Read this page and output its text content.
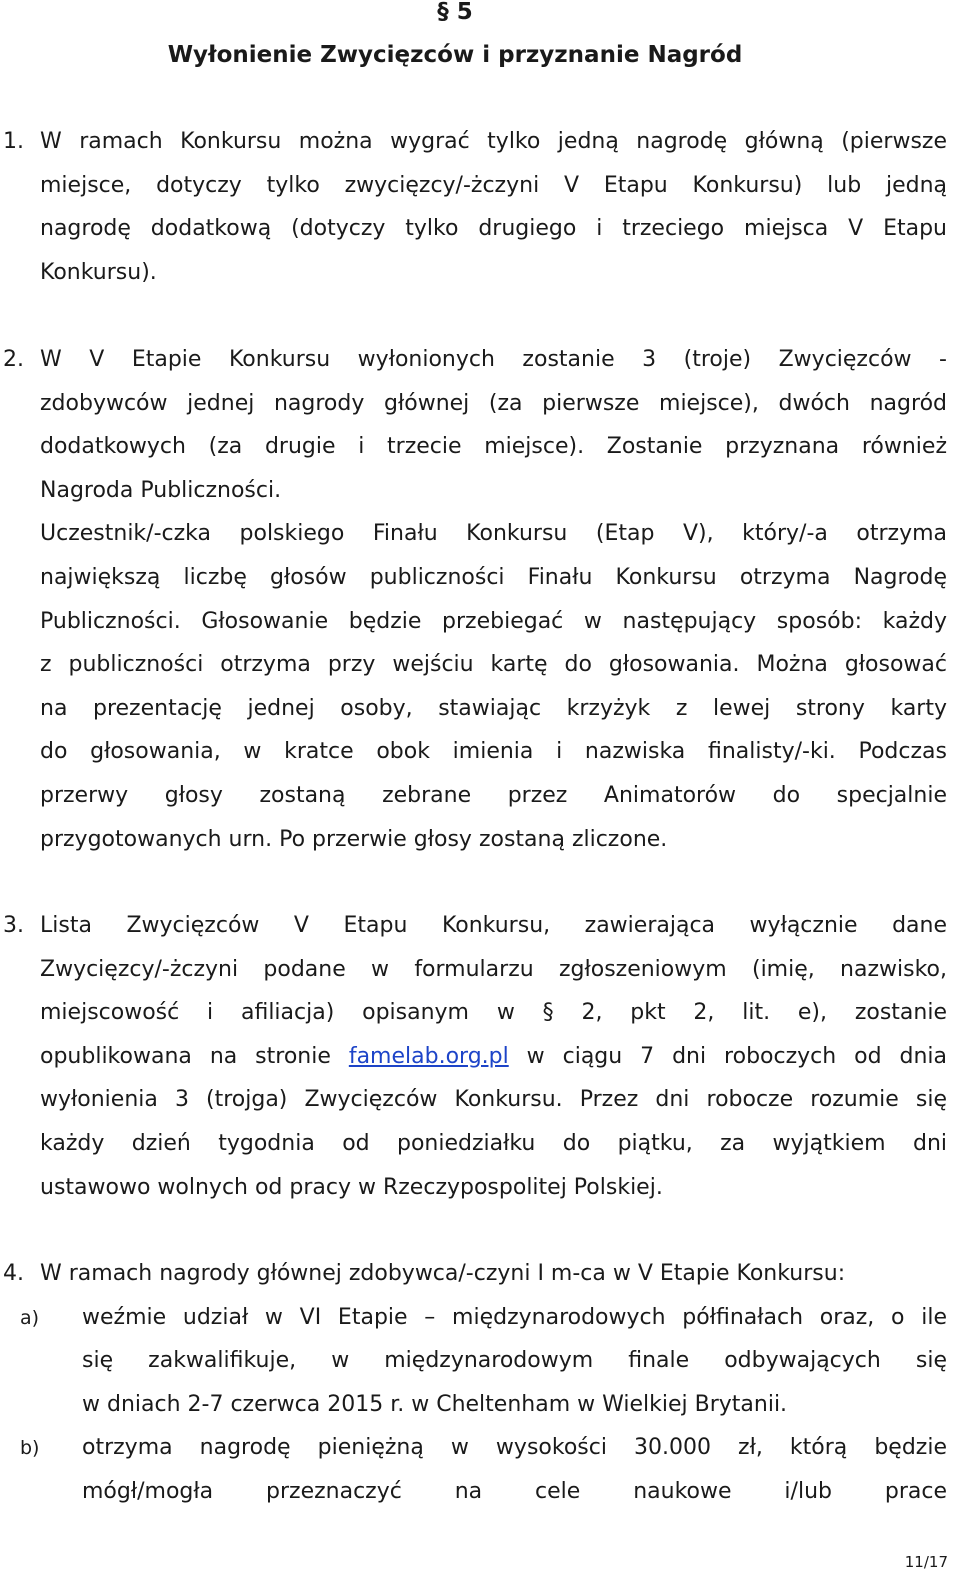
§ 5
Wyłonienie Zwycięzców i przyznanie Nagród
1. W ramach Konkursu można wygrać tylko jedną nagrodę główną (pierwsze
miejsce, dotyczy tylko zwycięzcy/-żczyni V Etapu Konkursu) lub jedną
nagrodę dodatkową (dotyczy tylko drugiego i trzeciego miejsca V Etapu
Konkursu).
2. W V Etapie Konkursu wyłonionych zostanie 3 (troje) Zwycięzców -
zdobywców jednej nagrody głównej (za pierwsze miejsce), dwóch nagród
dodatkowych (za drugie i trzecie miejsce). Zostanie przyznana również
Nagroda Publiczności.
Uczestnik/-czka polskiego Finału Konkursu (Etap V), który/-a otrzyma
największą liczbę głosów publiczności Finału Konkursu otrzyma Nagrodę
Publiczności. Głosowanie będzie przebiegać w następujący sposób: każdy
z publiczności otrzyma przy wejściu kartę do głosowania. Można głosować
na prezentację jednej osoby, stawiając krzyżyk z lewej strony karty
do głosowania, w kratce obok imienia i nazwiska finalisty/-ki. Podczas
przerwy głosy zostaną zebrane przez Animatorów do specjalnie
przygotowanych urn. Po przerwie głosy zostaną zliczone.
3. Lista Zwycięzców V Etapu Konkursu, zawierająca wyłącznie dane
Zwycięzcy/-żczyni podane w formularzu zgłoszeniowym (imię, nazwisko,
miejscowość i afiliacja) opisanym w § 2, pkt 2, lit. e), zostanie
opublikowana na stronie famelab.org.pl w ciągu 7 dni roboczych od dnia
wyłonienia 3 (trojga) Zwycięzców Konkursu. Przez dni robocze rozumie się
każdy dzień tygodnia od poniedziałku do piątku, za wyjątkiem dni
ustawowo wolnych od pracy w Rzeczypospolitej Polskiej.
4. W ramach nagrody głównej zdobywca/-czyni I m-ca w V Etapie Konkursu:
a)	weźmie udział w VI Etapie – międzynarodowych półfinałach oraz, o ile
się zakwalifikuje, w międzynarodowym finale odbywających się
w dniach 2-7 czerwca 2015 r. w Cheltenham w Wielkiej Brytanii.
b)	otrzyma nagrodę pieniężną w wysokości 30.000 zł, którą będzie
mógł/mogła przeznaczyć na cele naukowe i/lub prace
11/17
